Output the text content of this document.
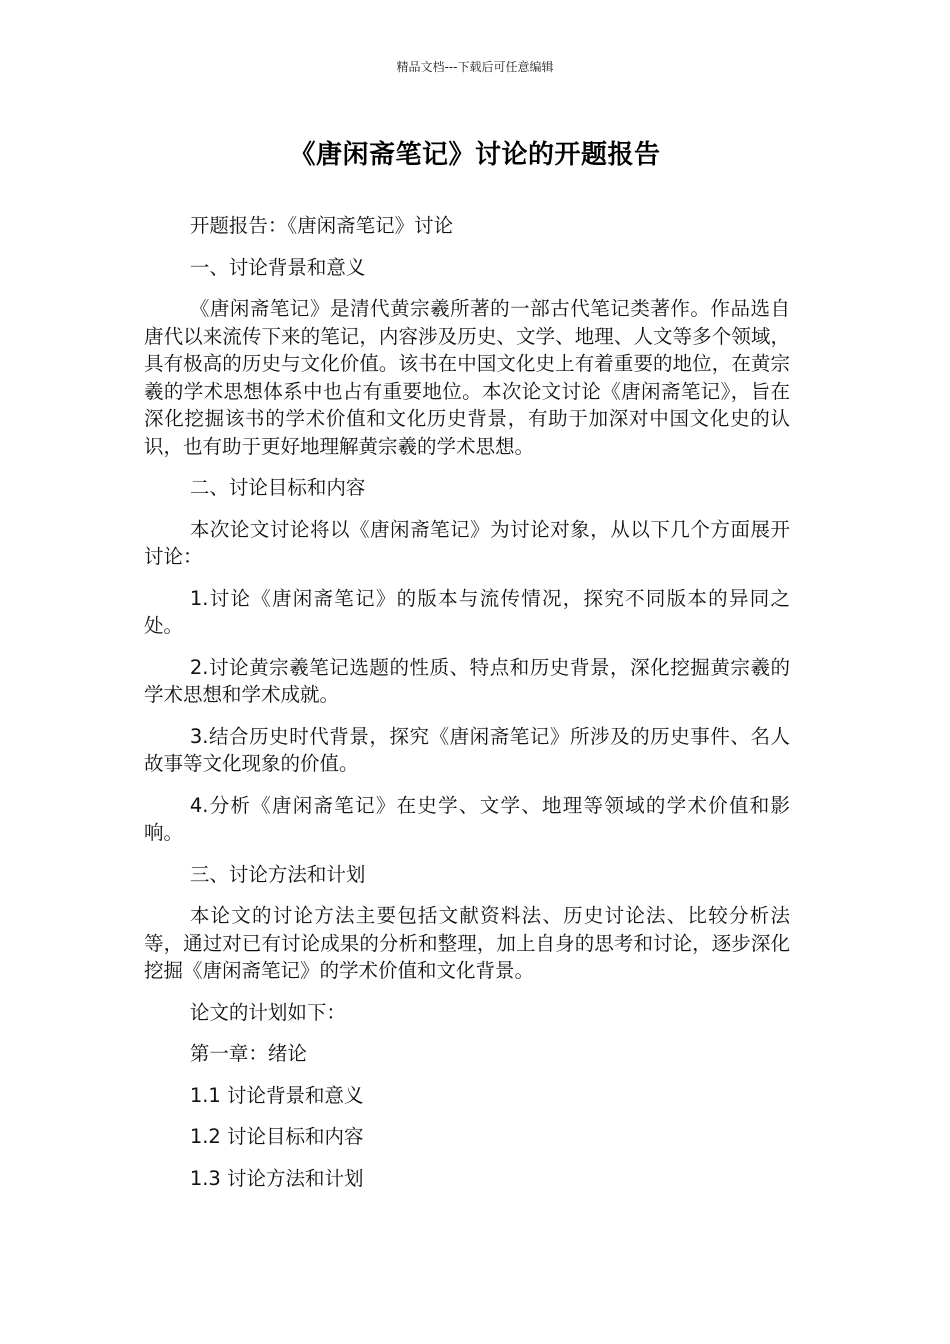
精品文档---下载后可任意编辑
《唐闲斋笔记》讨论的开题报告

开题报告：《唐闲斋笔记》讨论

一、讨论背景和意义

《唐闲斋笔记》是清代黄宗羲所著的一部古代笔记类著作。作品选自唐代以来流传下来的笔记，内容涉及历史、文学、地理、人文等多个领域，具有极高的历史与文化价值。该书在中国文化史上有着重要的地位，在黄宗羲的学术思想体系中也占有重要地位。本次论文讨论《唐闲斋笔记》，旨在深化挖掘该书的学术价值和文化历史背景，有助于加深对中国文化史的认识，也有助于更好地理解黄宗羲的学术思想。

二、讨论目标和内容

本次论文讨论将以《唐闲斋笔记》为讨论对象，从以下几个方面展开讨论：

1.讨论《唐闲斋笔记》的版本与流传情况，探究不同版本的异同之处。

2.讨论黄宗羲笔记选题的性质、特点和历史背景，深化挖掘黄宗羲的学术思想和学术成就。

3.结合历史时代背景，探究《唐闲斋笔记》所涉及的历史事件、名人故事等文化现象的价值。

4.分析《唐闲斋笔记》在史学、文学、地理等领域的学术价值和影响。

三、讨论方法和计划

本论文的讨论方法主要包括文献资料法、历史讨论法、比较分析法等，通过对已有讨论成果的分析和整理，加上自身的思考和讨论，逐步深化挖掘《唐闲斋笔记》的学术价值和文化背景。

论文的计划如下：

第一章：绪论

1.1 讨论背景和意义

1.2 讨论目标和内容

1.3 讨论方法和计划
